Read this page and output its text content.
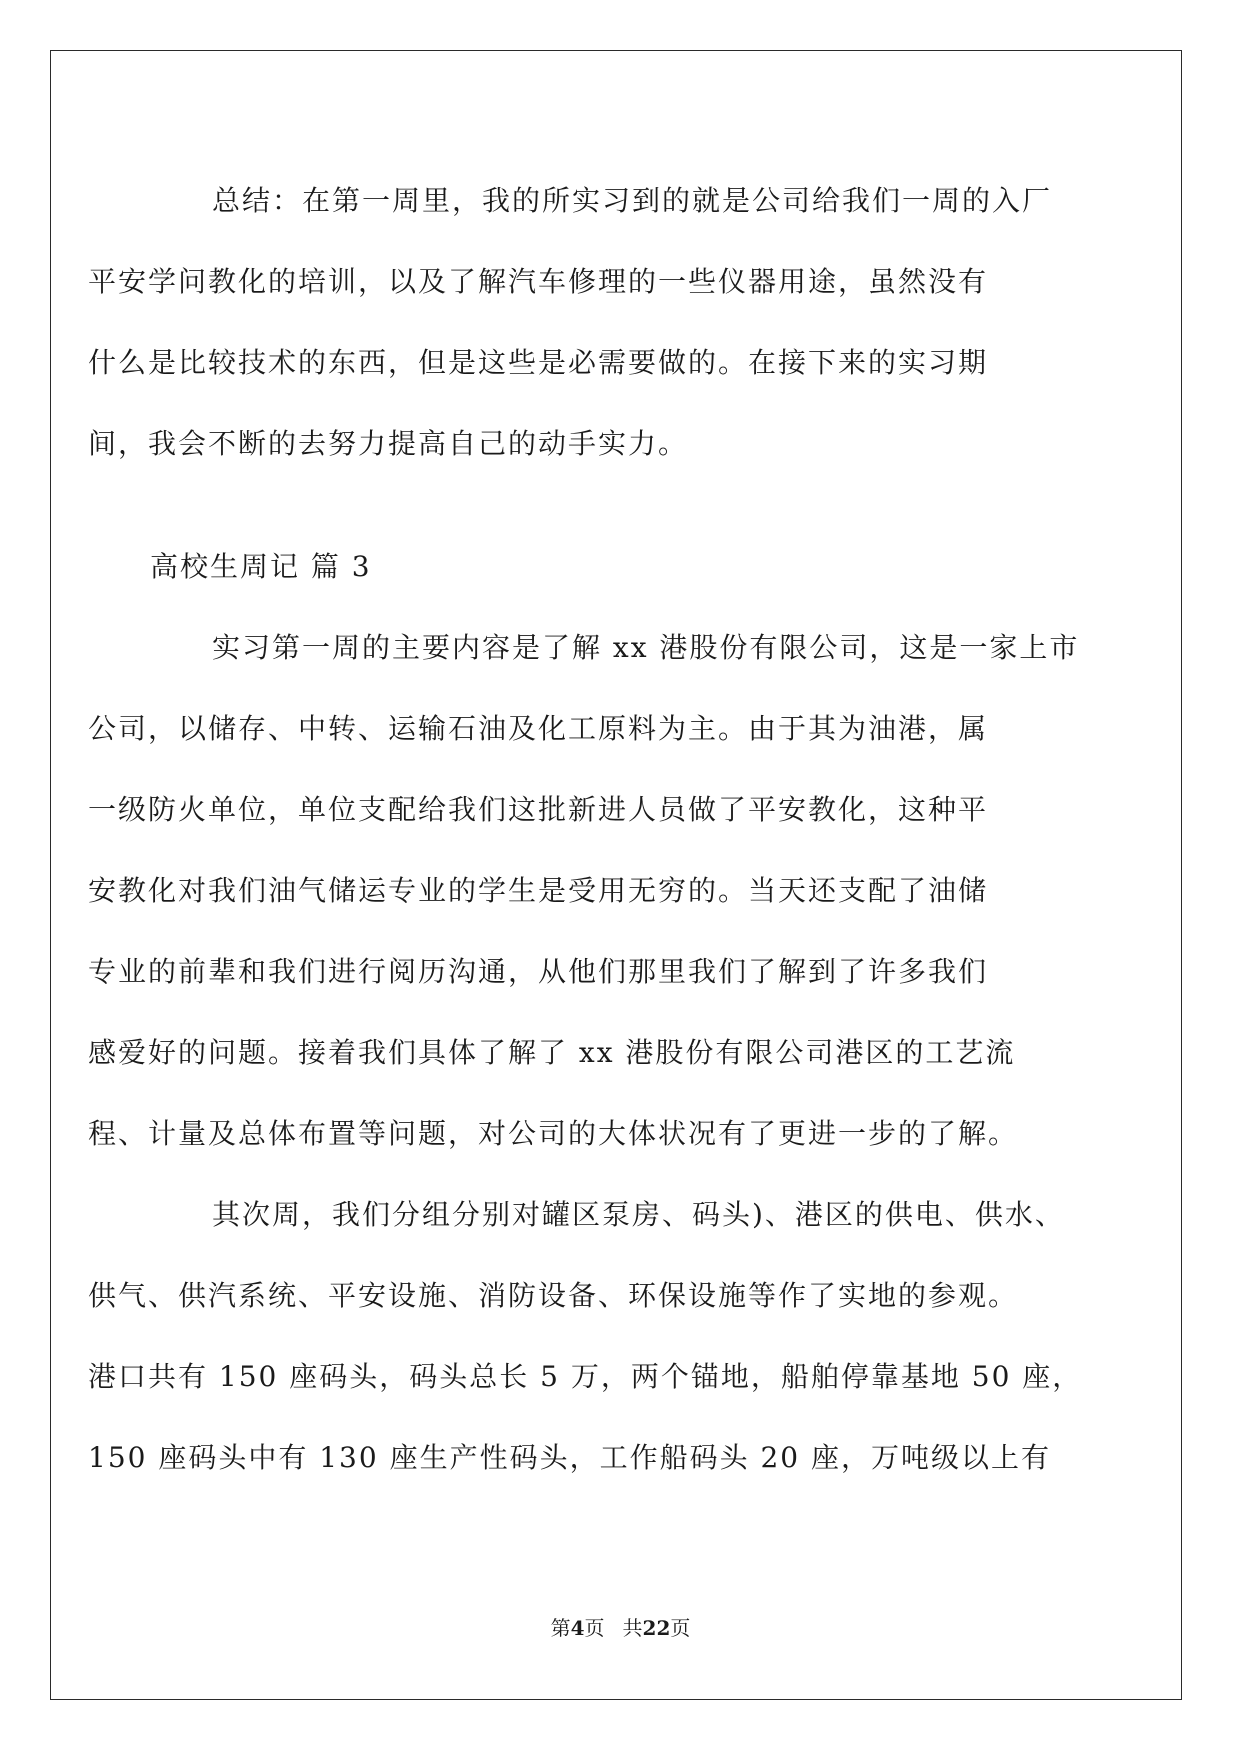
总结：在第一周里，我的所实习到的就是公司给我们一周的入厂
平安学问教化的培训，以及了解汽车修理的一些仪器用途，虽然没有
什么是比较技术的东西，但是这些是必需要做的。在接下来的实习期
间，我会不断的去努力提高自己的动手实力。

高校生周记 篇 3

实习第一周的主要内容是了解 xx 港股份有限公司，这是一家上市
公司，以储存、中转、运输石油及化工原料为主。由于其为油港，属
一级防火单位，单位支配给我们这批新进人员做了平安教化，这种平
安教化对我们油气储运专业的学生是受用无穷的。当天还支配了油储
专业的前辈和我们进行阅历沟通，从他们那里我们了解到了许多我们
感爱好的问题。接着我们具体了解了 xx 港股份有限公司港区的工艺流
程、计量及总体布置等问题，对公司的大体状况有了更进一步的了解。

其次周，我们分组分别对罐区泵房、码头)、港区的供电、供水、
供气、供汽系统、平安设施、消防设备、环保设施等作了实地的参观。
港口共有 150 座码头，码头总长 5 万，两个锚地，船舶停靠基地 50 座，
150 座码头中有 130 座生产性码头，工作船码头 20 座，万吨级以上有

第4页 共22页
